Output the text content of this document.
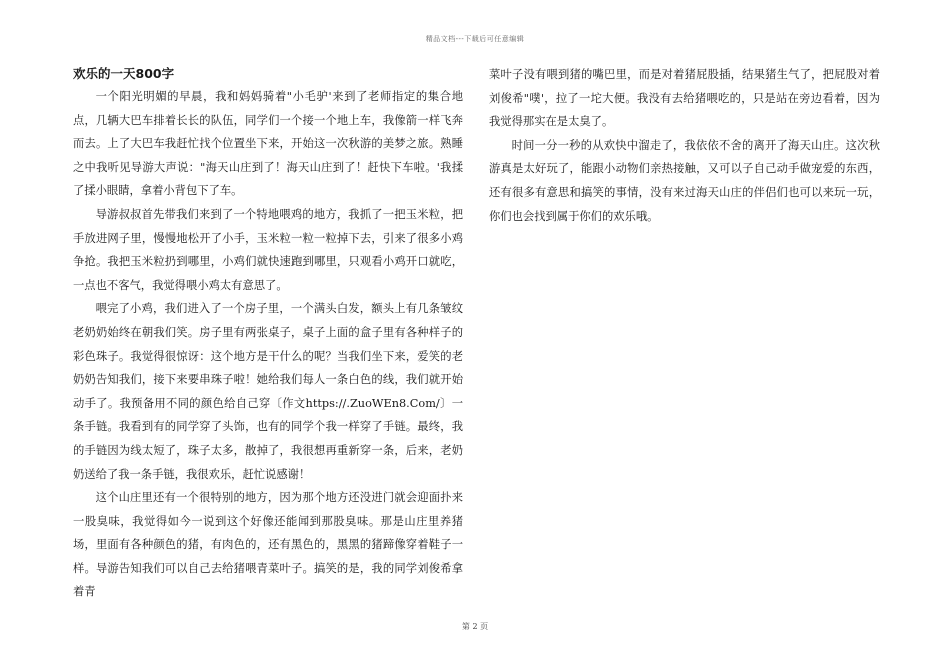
精品文档---下载后可任意编辑
欢乐的一天800字

一个阳光明媚的早晨，我和妈妈骑着"小毛驴'来到了老师指定的集合地点，几辆大巴车排着长长的队伍，同学们一个接一个地上车，我像箭一样飞奔而去。上了大巴车我赶忙找个位置坐下来，开始这一次秋游的美梦之旅。熟睡之中我听见导游大声说："海天山庄到了！海天山庄到了！赶快下车啦。'我揉了揉小眼睛，拿着小背包下了车。

导游叔叔首先带我们来到了一个特地喂鸡的地方，我抓了一把玉米粒，把手放进网子里，慢慢地松开了小手，玉米粒一粒一粒掉下去，引来了很多小鸡争抢。我把玉米粒扔到哪里，小鸡们就快速跑到哪里，只观看小鸡开口就吃，一点也不客气，我觉得喂小鸡太有意思了。

喂完了小鸡，我们进入了一个房子里，一个满头白发，额头上有几条皱纹老奶奶始终在朝我们笑。房子里有两张桌子，桌子上面的盒子里有各种样子的彩色珠子。我觉得很惊讶：这个地方是干什么的呢？当我们坐下来，爱笑的老奶奶告知我们，接下来要串珠子啦！她给我们每人一条白色的线，我们就开始动手了。我预备用不同的颜色给自己穿〔作文https://.ZuoWEn8.Com/〕一条手链。我看到有的同学穿了头饰，也有的同学个我一样穿了手链。最终，我的手链因为线太短了，珠子太多，散掉了，我很想再重新穿一条，后来，老奶奶送给了我一条手链，我很欢乐，赶忙说感谢！

这个山庄里还有一个很特别的地方，因为那个地方还没进门就会迎面扑来一股臭味，我觉得如今一说到这个好像还能闻到那股臭味。那是山庄里养猪场，里面有各种颜色的猪，有肉色的，还有黑色的，黑黑的猪蹄像穿着鞋子一样。导游告知我们可以自己去给猪喂青菜叶子。搞笑的是，我的同学刘俊希拿着青

菜叶子没有喂到猪的嘴巴里，而是对着猪屁股插，结果猪生气了，把屁股对着刘俊希"噗'，拉了一坨大便。我没有去给猪喂吃的，只是站在旁边看着，因为我觉得那实在是太臭了。

时间一分一秒的从欢快中溜走了，我依依不舍的离开了海天山庄。这次秋游真是太好玩了，能跟小动物们亲热接触，又可以子自己动手做宠爱的东西，还有很多有意思和搞笑的事情，没有来过海天山庄的伴侣们也可以来玩一玩，你们也会找到属于你们的欢乐哦。

第 2 页
